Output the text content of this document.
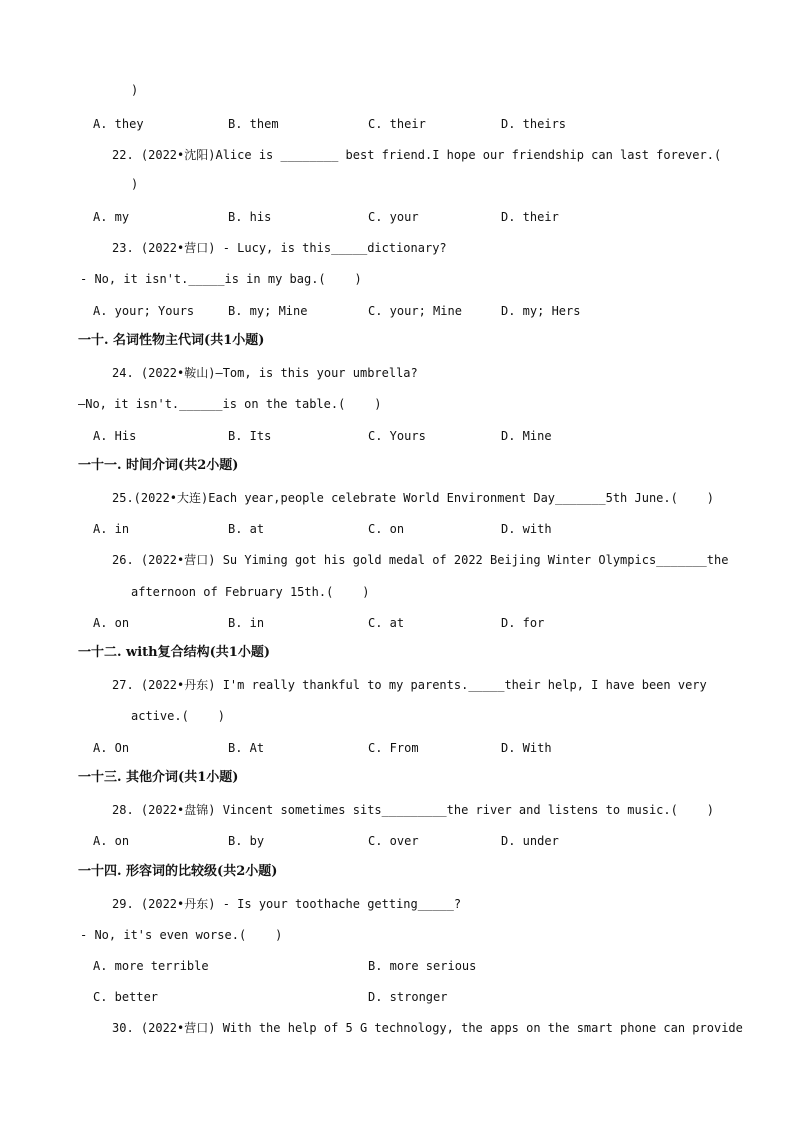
)
A. they	B. them	C. their	D. theirs
22. (2022•沈阳)Alice is ________ best friend.I hope our friendship can last forever.(
)
A. my	B. his	C. your	D. their
23. (2022•营口) - Lucy, is this_____dictionary?
- No, it isn't._____is in my bag.(    )
A. your; Yours	B. my; Mine	C. your; Mine	D. my; Hers
一十. 名词性物主代词(共1小题)
24. (2022•鞍山)—Tom, is this your umbrella?
—No, it isn't.______is on the table.(    )
A. His	B. Its	C. Yours	D. Mine
一十一. 时间介词(共2小题)
25.(2022•大连)Each year,people celebrate World Environment Day_______5th June.(    )
A. in	B. at	C. on	D. with
26. (2022•营口) Su Yiming got his gold medal of 2022 Beijing Winter Olympics_______the
afternoon of February 15th.(    )
A. on	B. in	C. at	D. for
一十二. with复合结构(共1小题)
27. (2022•丹东) I'm really thankful to my parents._____their help, I have been very
active.(    )
A. On	B. At	C. From	D. With
一十三. 其他介词(共1小题)
28. (2022•盘锦) Vincent sometimes sits_________the river and listens to music.(    )
A. on	B. by	C. over	D. under
一十四. 形容词的比较级(共2小题)
29. (2022•丹东) - Is your toothache getting_____?
- No, it's even worse.(    )
A. more terrible	B. more serious
C. better	D. stronger
30. (2022•营口) With the help of 5 G technology, the apps on the smart phone can provide
